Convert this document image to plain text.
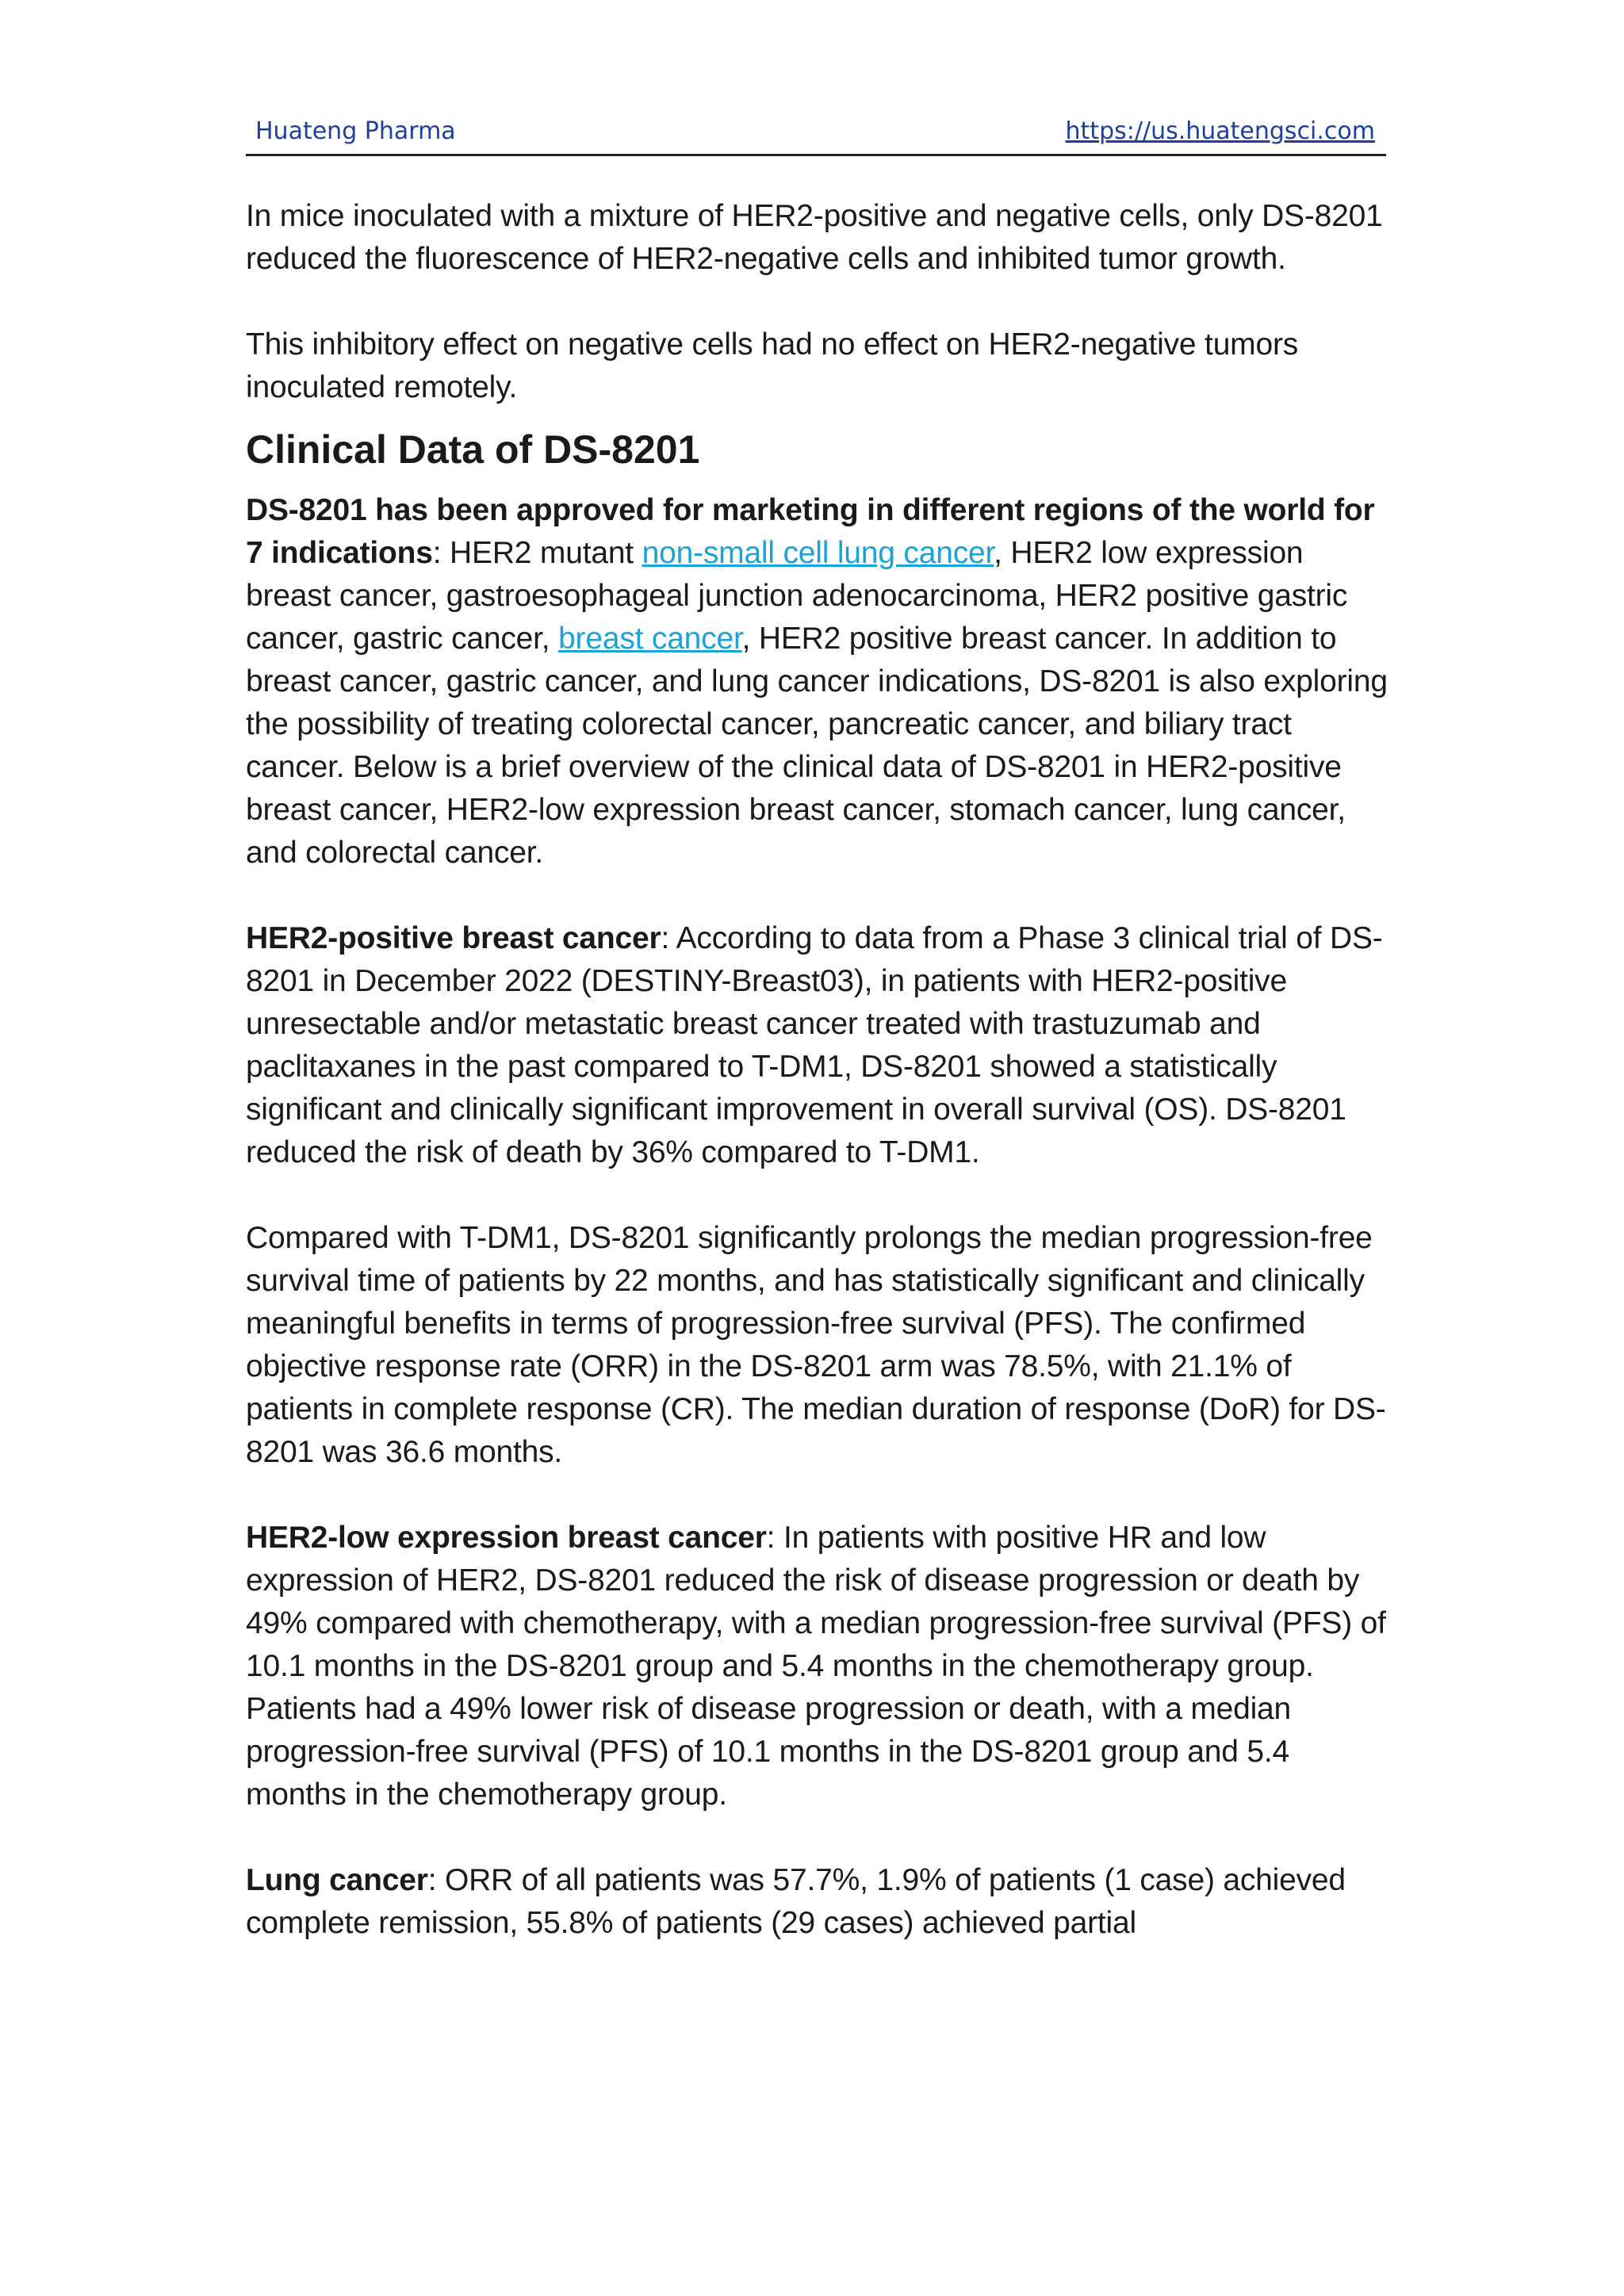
Huateng Pharma	https://us.huatengsci.com

In mice inoculated with a mixture of HER2-positive and negative cells, only DS-8201 reduced the fluorescence of HER2-negative cells and inhibited tumor growth.

This inhibitory effect on negative cells had no effect on HER2-negative tumors inoculated remotely.

Clinical Data of DS-8201

DS-8201 has been approved for marketing in different regions of the world for 7 indications: HER2 mutant non-small cell lung cancer, HER2 low expression breast cancer, gastroesophageal junction adenocarcinoma, HER2 positive gastric cancer, gastric cancer, breast cancer, HER2 positive breast cancer. In addition to breast cancer, gastric cancer, and lung cancer indications, DS-8201 is also exploring the possibility of treating colorectal cancer, pancreatic cancer, and biliary tract cancer. Below is a brief overview of the clinical data of DS-8201 in HER2-positive breast cancer, HER2-low expression breast cancer, stomach cancer, lung cancer, and colorectal cancer.

HER2-positive breast cancer: According to data from a Phase 3 clinical trial of DS-8201 in December 2022 (DESTINY-Breast03), in patients with HER2-positive unresectable and/or metastatic breast cancer treated with trastuzumab and paclitaxanes in the past compared to T-DM1, DS-8201 showed a statistically significant and clinically significant improvement in overall survival (OS). DS-8201 reduced the risk of death by 36% compared to T-DM1.

Compared with T-DM1, DS-8201 significantly prolongs the median progression-free survival time of patients by 22 months, and has statistically significant and clinically meaningful benefits in terms of progression-free survival (PFS). The confirmed objective response rate (ORR) in the DS-8201 arm was 78.5%, with 21.1% of patients in complete response (CR). The median duration of response (DoR) for DS-8201 was 36.6 months.

HER2-low expression breast cancer: In patients with positive HR and low expression of HER2, DS-8201 reduced the risk of disease progression or death by 49% compared with chemotherapy, with a median progression-free survival (PFS) of 10.1 months in the DS-8201 group and 5.4 months in the chemotherapy group. Patients had a 49% lower risk of disease progression or death, with a median progression-free survival (PFS) of 10.1 months in the DS-8201 group and 5.4 months in the chemotherapy group.

Lung cancer: ORR of all patients was 57.7%, 1.9% of patients (1 case) achieved complete remission, 55.8% of patients (29 cases) achieved partial
